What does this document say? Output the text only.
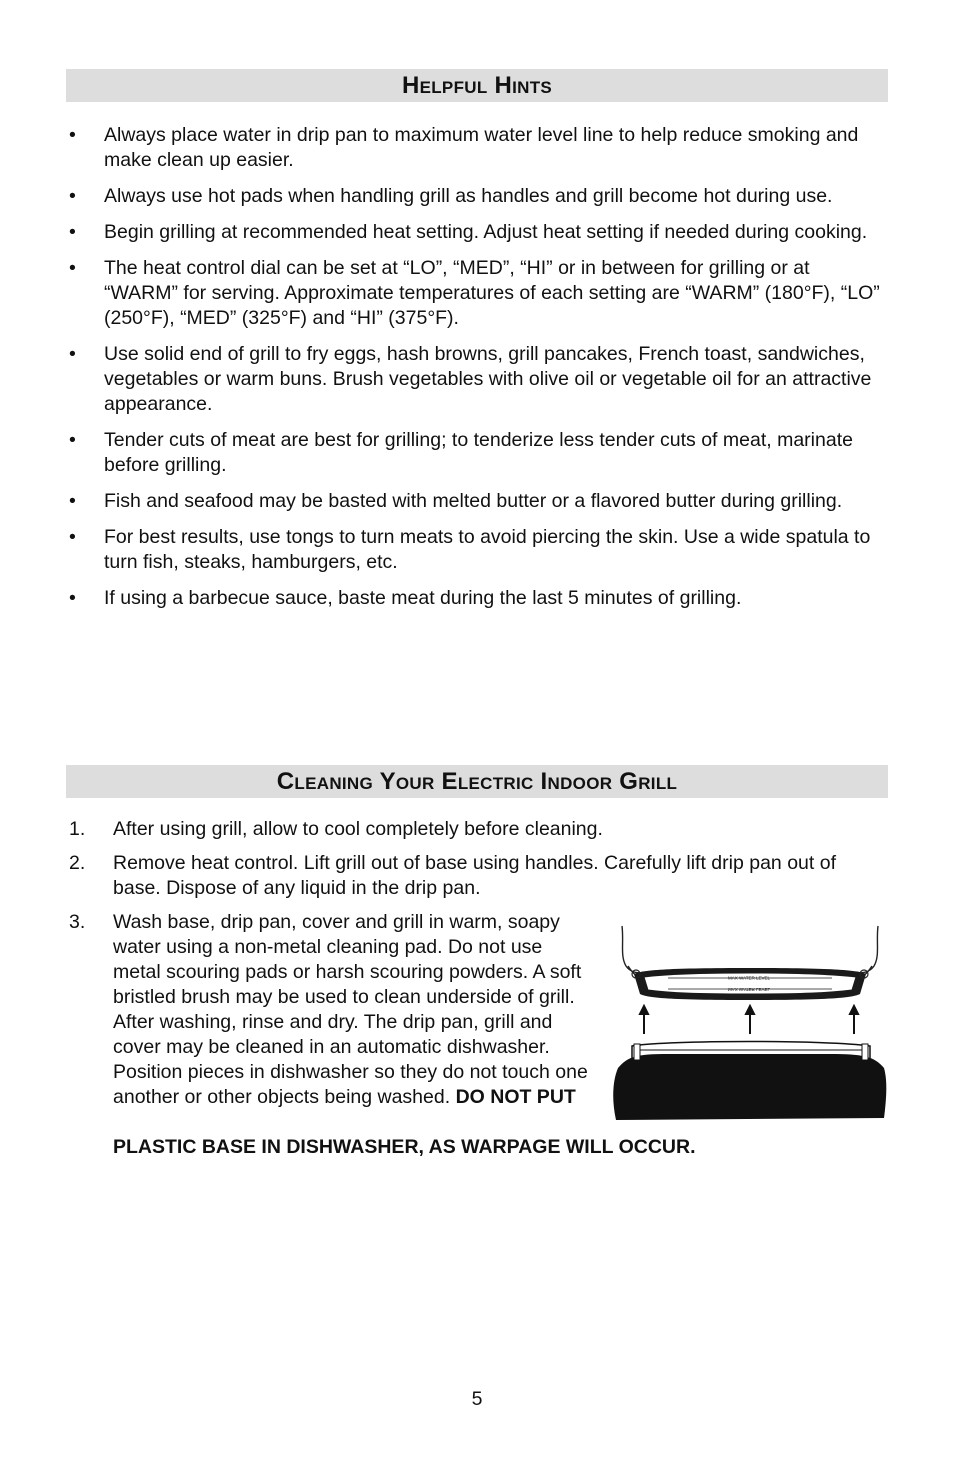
Helpful Hints
• Always place water in drip pan to maximum water level line to help reduce smoking and make clean up easier.
• Always use hot pads when handling grill as handles and grill become hot during use.
• Begin grilling at recommended heat setting. Adjust heat setting if needed during cooking.
• The heat control dial can be set at “LO”, “MED”, “HI” or in between for grilling or at “WARM” for serving. Approximate temperatures of each setting are “WARM” (180°F), “LO” (250°F), “MED” (325°F) and “HI” (375°F).
• Use solid end of grill to fry eggs, hash browns, grill pancakes, French toast, sandwiches, vegetables or warm buns. Brush vegetables with olive oil or vegetable oil for an attractive appearance.
• Tender cuts of meat are best for grilling; to tenderize less tender cuts of meat, marinate before grilling.
• Fish and seafood may be basted with melted butter or a flavored butter during grilling.
• For best results, use tongs to turn meats to avoid piercing the skin. Use a wide spatula to turn fish, steaks, hamburgers, etc.
• If using a barbecue sauce, baste meat during the last 5 minutes of grilling.
Cleaning Your Electric Indoor Grill
1. After using grill, allow to cool completely before cleaning.
2. Remove heat control. Lift grill out of base using handles. Carefully lift drip pan out of base. Dispose of any liquid in the drip pan.
3. Wash base, drip pan, cover and grill in warm, soapy water using a non-metal cleaning pad. Do not use metal scouring pads or harsh scouring powders. A soft bristled brush may be used to clean underside of grill. After washing, rinse and dry. The drip pan, grill and cover may be cleaned in an automatic dishwasher. Position pieces in dishwasher so they do not touch one another or other objects being washed. DO NOT PUT
PLASTIC BASE IN DISHWASHER, AS WARPAGE WILL OCCUR.
MAX WATER LEVEL
MAX WATER LEVEL
5
